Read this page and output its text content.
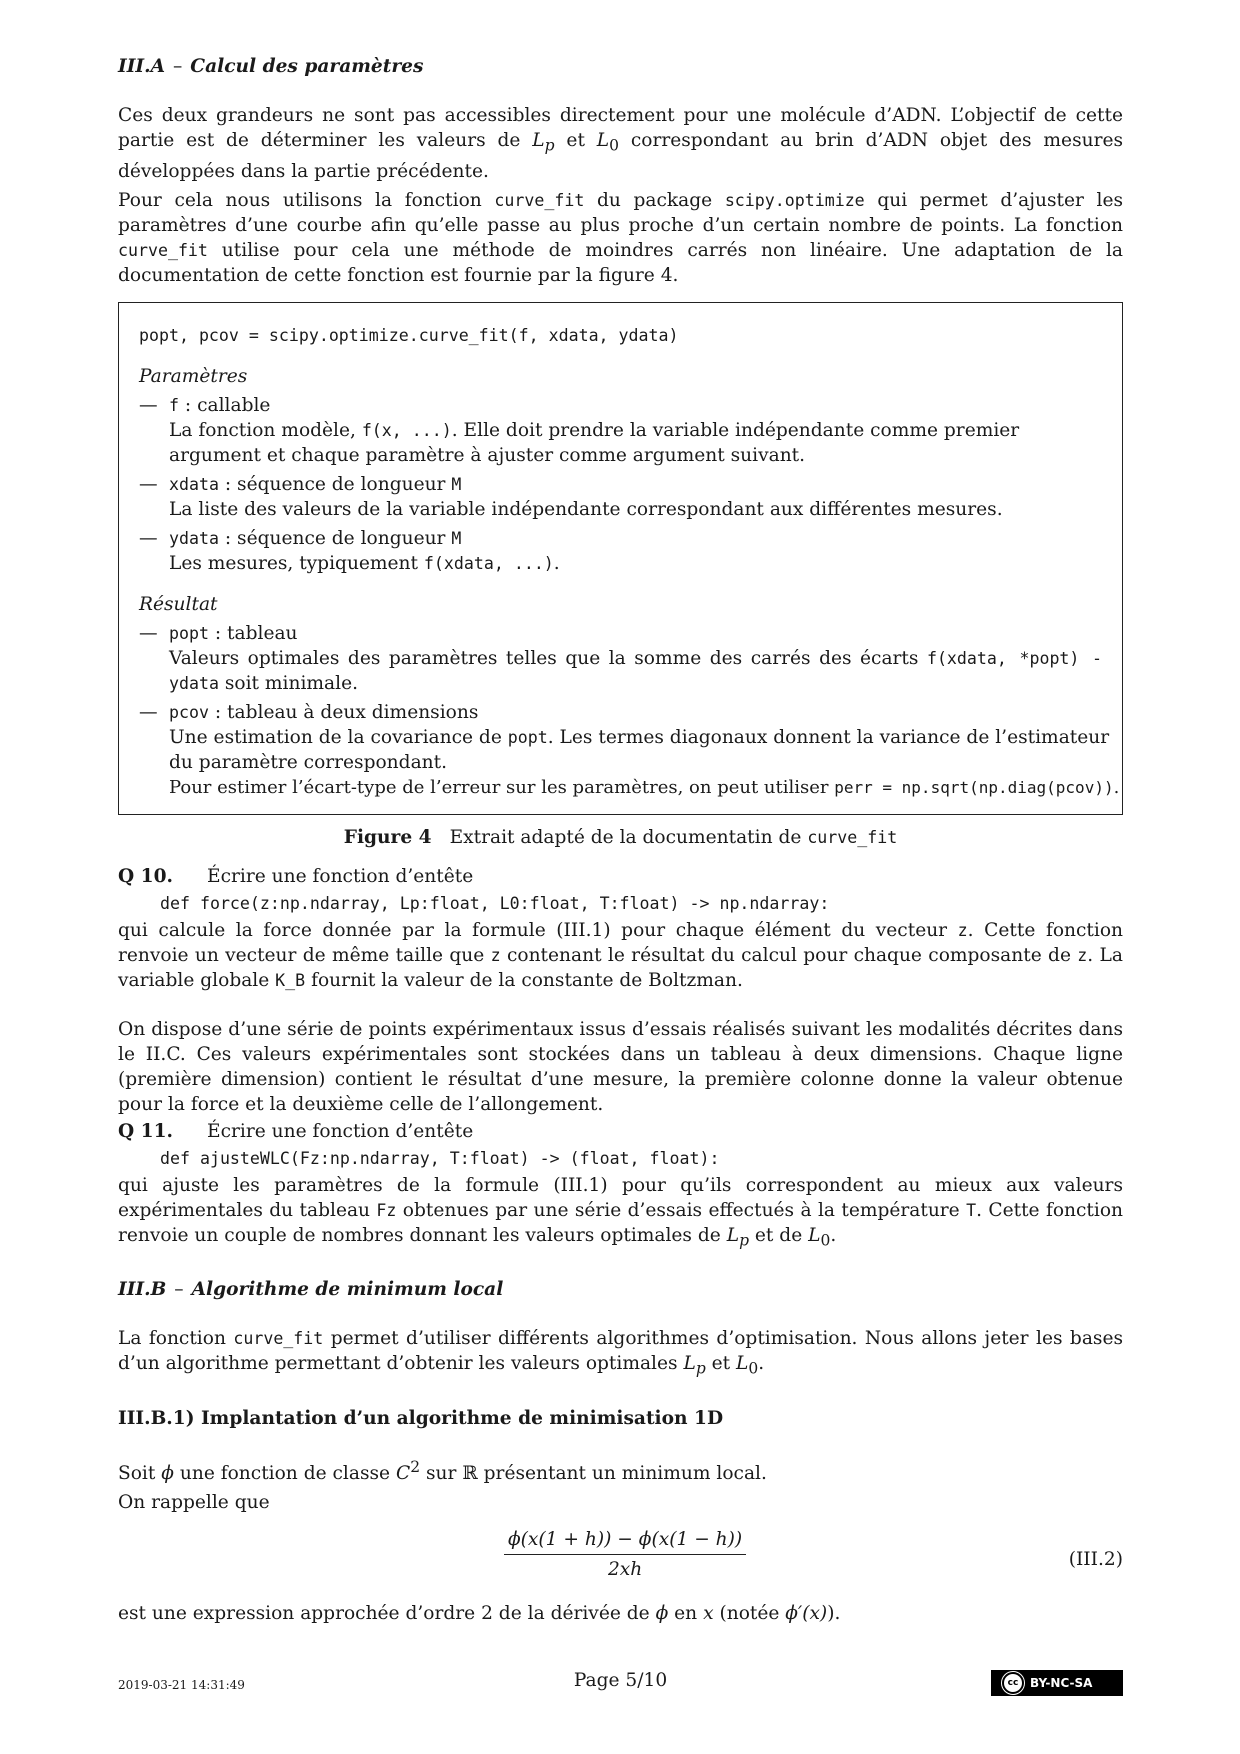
III.A – Calcul des paramètres

Ces deux grandeurs ne sont pas accessibles directement pour une molécule d’ADN. L’objectif de cette partie est de déterminer les valeurs de $L_p$ et $L_0$ correspondant au brin d’ADN objet des mesures développées dans la partie précédente.

Pour cela nous utilisons la fonction curve_fit du package scipy.optimize qui permet d’ajuster les paramètres d’une courbe afin qu’elle passe au plus proche d’un certain nombre de points. La fonction curve_fit utilise pour cela une méthode de moindres carrés non linéaire. Une adaptation de la documentation de cette fonction est fournie par la figure 4.

popt, pcov = scipy.optimize.curve_fit(f, xdata, ydata)
Paramètres
— f : callable
La fonction modèle, f(x, ...). Elle doit prendre la variable indépendante comme premier argument et chaque paramètre à ajuster comme argument suivant.
— xdata : séquence de longueur M
La liste des valeurs de la variable indépendante correspondant aux différentes mesures.
— ydata : séquence de longueur M
Les mesures, typiquement f(xdata, ...).
Résultat
— popt : tableau
Valeurs optimales des paramètres telles que la somme des carrés des écarts f(xdata, *popt) - ydata soit minimale.
— pcov : tableau à deux dimensions
Une estimation de la covariance de popt. Les termes diagonaux donnent la variance de l’estimateur du paramètre correspondant.
Pour estimer l’écart-type de l’erreur sur les paramètres, on peut utiliser perr = np.sqrt(np.diag(pcov)).
Figure 4 Extrait adapté de la documentatin de curve_fit
Q 10.	Écrire une fonction d’entête
def force(z:np.ndarray, Lp:float, L0:float, T:float) -> np.ndarray:

qui calcule la force donnée par la formule (III.1) pour chaque élément du vecteur z. Cette fonction renvoie un vecteur de même taille que z contenant le résultat du calcul pour chaque composante de z. La variable globale K_B fournit la valeur de la constante de Boltzman.

On dispose d’une série de points expérimentaux issus d’essais réalisés suivant les modalités décrites dans le II.C. Ces valeurs expérimentales sont stockées dans un tableau à deux dimensions. Chaque ligne (première dimension) contient le résultat d’une mesure, la première colonne donne la valeur obtenue pour la force et la deuxième celle de l’allongement.

Q 11.	Écrire une fonction d’entête
def ajusteWLC(Fz:np.ndarray, T:float) -> (float, float):

qui ajuste les paramètres de la formule (III.1) pour qu’ils correspondent au mieux aux valeurs expérimentales du tableau Fz obtenues par une série d’essais effectués à la température T. Cette fonction renvoie un couple de nombres donnant les valeurs optimales de $L_p$ et de $L_0$.

III.B – Algorithme de minimum local

La fonction curve_fit permet d’utiliser différents algorithmes d’optimisation. Nous allons jeter les bases d’un algorithme permettant d’obtenir les valeurs optimales $L_p$ et $L_0$.

III.B.1) Implantation d’un algorithme de minimisation 1D

Soit ϕ une fonction de classe $C^2$ sur ℝ présentant un minimum local.

On rappelle que

$\frac{\phi(x(1 + h)) - \phi(x(1 - h))}{2xh}$	(III.2)

est une expression approchée d’ordre 2 de la dérivée de ϕ en x (notée ϕ′(x)).

2019-03-21 14:31:49	Page 5/10	cc BY-NC-SA
